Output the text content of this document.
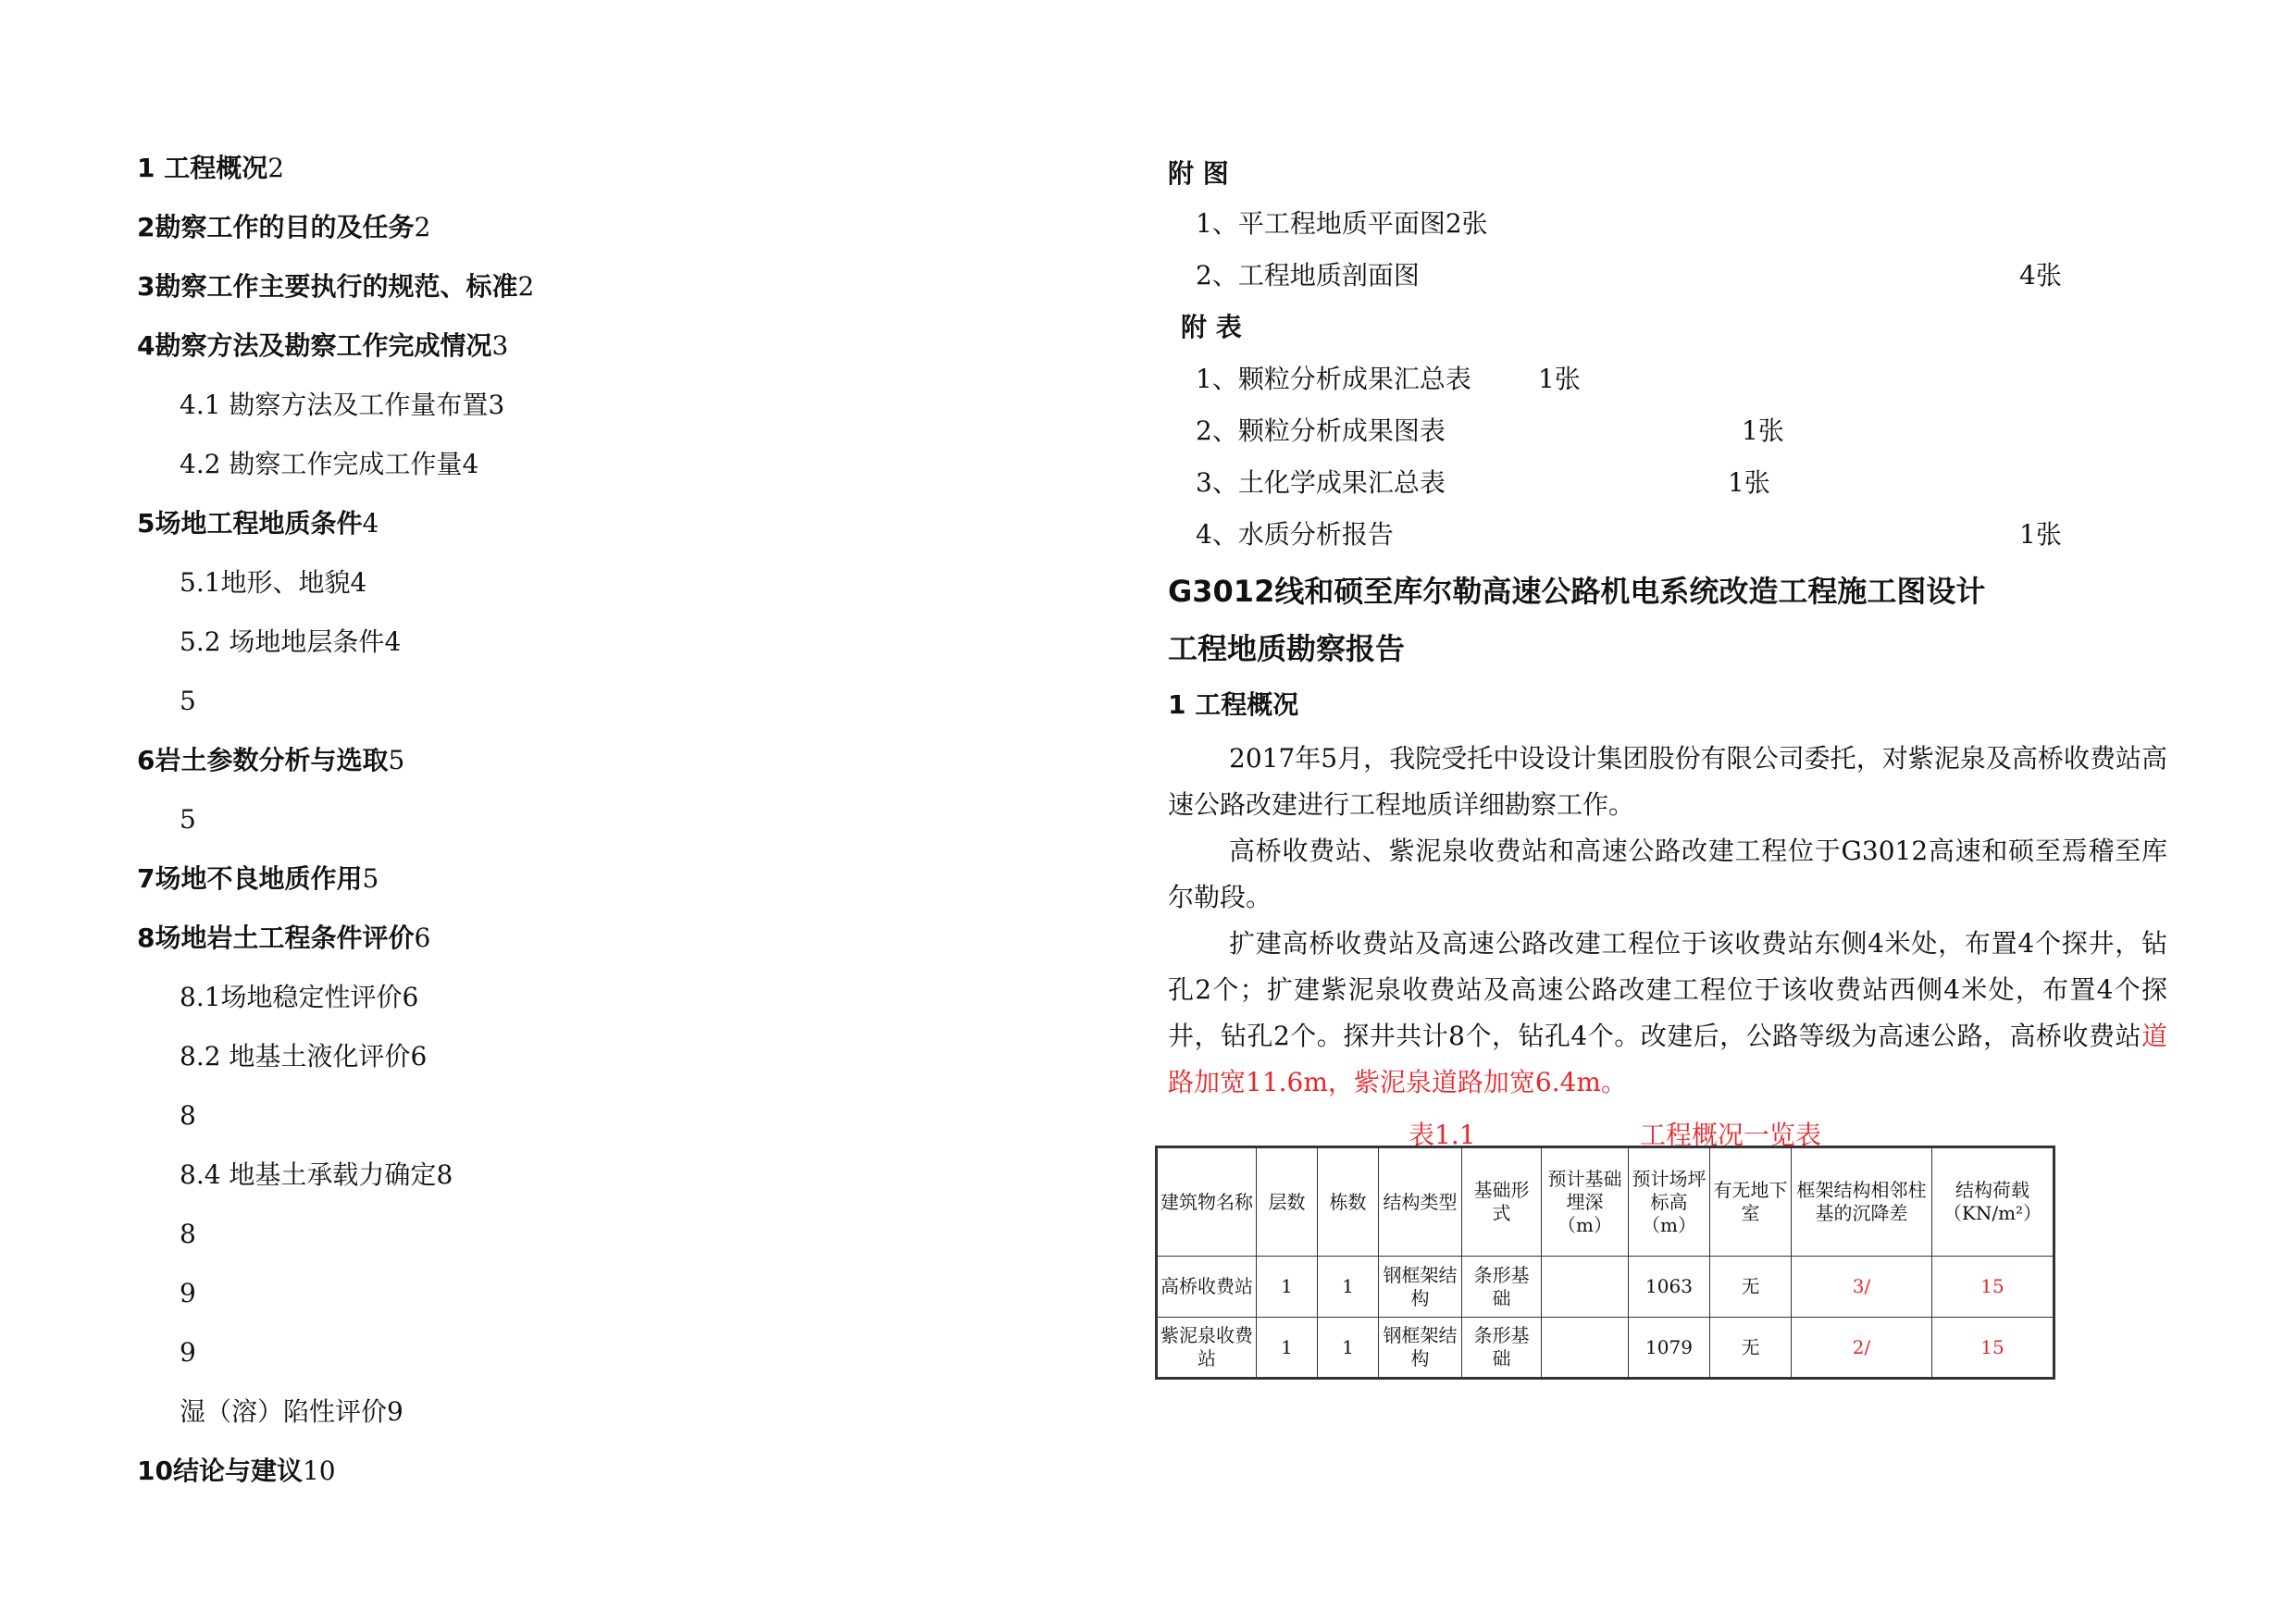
1 工程概况2
2勘察工作的目的及任务2
3勘察工作主要执行的规范、标准2
4勘察方法及勘察工作完成情况3
4.1 勘察方法及工作量布置3
4.2 勘察工作完成工作量4
5场地工程地质条件4
5.1地形、地貌4
5.2 场地地层条件4
5
6岩土参数分析与选取5
5
7场地不良地质作用5
8场地岩土工程条件评价6
8.1场地稳定性评价6
8.2 地基土液化评价6
8
8.4 地基土承载力确定8
8
9
9
湿（溶）陷性评价9
10结论与建议10
附 图
1、平工程地质平面图2张
2、工程地质剖面图	4张
附 表
1、颗粒分析成果汇总表	1张
2、颗粒分析成果图表	1张
3、土化学成果汇总表	1张
4、水质分析报告	1张
G3012线和硕至库尔勒高速公路机电系统改造工程施工图设计
工程地质勘察报告
1 工程概况

2017年5月，我院受托中设设计集团股份有限公司委托，对紫泥泉及高桥收费站高速公路改建进行工程地质详细勘察工作。

高桥收费站、紫泥泉收费站和高速公路改建工程位于G3012高速和硕至焉稽至库尔勒段。

扩建高桥收费站及高速公路改建工程位于该收费站东侧4米处，布置4个探井，钻孔2个；扩建紫泥泉收费站及高速公路改建工程位于该收费站西侧4米处，布置4个探井，钻孔2个。探井共计8个，钻孔4个。改建后，公路等级为高速公路，高桥收费站道路加宽11.6m，紫泥泉道路加宽6.4m。

表1.1	工程概况一览表
建筑物名称	层数	栋数	结构类型	基础形式	预计基础埋深（m）	预计场坪标高（m）	有无地下室	框架结构相邻柱基的沉降差	结构荷载（KN/m²）
高桥收费站	1	1	钢框架结构	条形基础		1063	无	3/	15
紫泥泉收费站	1	1	钢框架结构	条形基础		1079	无	2/	15
